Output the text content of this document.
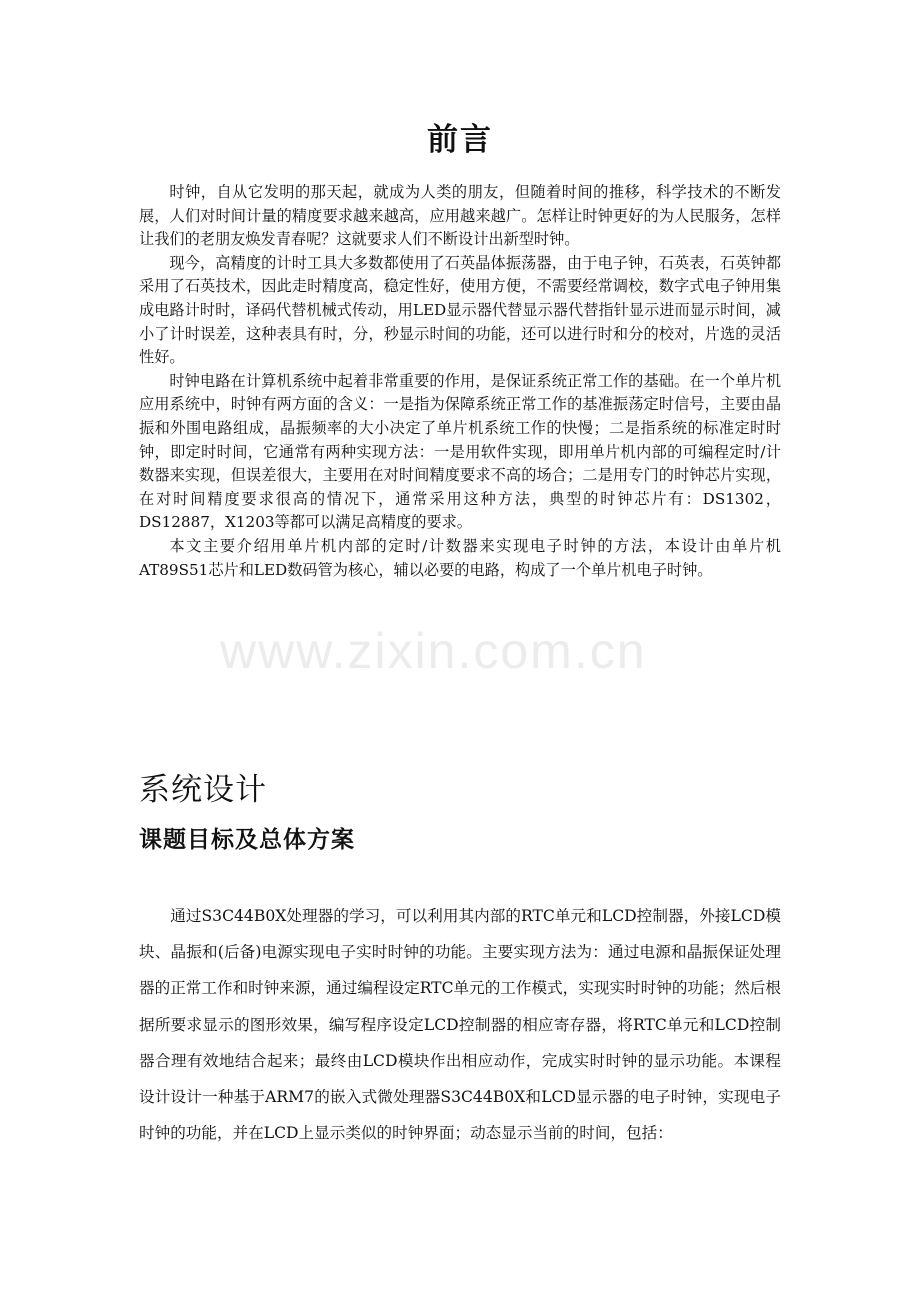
www.zixin.com.cn
前言

时钟，自从它发明的那天起，就成为人类的朋友，但随着时间的推移，科学技术的不断发展，人们对时间计量的精度要求越来越高，应用越来越广。怎样让时钟更好的为人民服务，怎样让我们的老朋友焕发青春呢？这就要求人们不断设计出新型时钟。

现今，高精度的计时工具大多数都使用了石英晶体振荡器，由于电子钟，石英表，石英钟都采用了石英技术，因此走时精度高，稳定性好，使用方便，不需要经常调校，数字式电子钟用集成电路计时时，译码代替机械式传动，用LED显示器代替显示器代替指针显示进而显示时间，减小了计时误差，这种表具有时，分，秒显示时间的功能，还可以进行时和分的校对，片选的灵活性好。

时钟电路在计算机系统中起着非常重要的作用，是保证系统正常工作的基础。在一个单片机应用系统中，时钟有两方面的含义：一是指为保障系统正常工作的基准振荡定时信号，主要由晶振和外围电路组成，晶振频率的大小决定了单片机系统工作的快慢；二是指系统的标准定时时钟，即定时时间，它通常有两种实现方法：一是用软件实现，即用单片机内部的可编程定时/计数器来实现，但误差很大，主要用在对时间精度要求不高的场合；二是用专门的时钟芯片实现，在对时间精度要求很高的情况下，通常采用这种方法，典型的时钟芯片有：DS1302，DS12887，X1203等都可以满足高精度的要求。

本文主要介绍用单片机内部的定时/计数器来实现电子时钟的方法，本设计由单片机AT89S51芯片和LED数码管为核心，辅以必要的电路，构成了一个单片机电子时钟。

系统设计
课题目标及总体方案

通过S3C44B0X处理器的学习，可以利用其内部的RTC单元和LCD控制器，外接LCD模块、晶振和(后备)电源实现电子实时时钟的功能。主要实现方法为：通过电源和晶振保证处理器的正常工作和时钟来源，通过编程设定RTC单元的工作模式，实现实时时钟的功能；然后根据所要求显示的图形效果，编写程序设定LCD控制器的相应寄存器，将RTC单元和LCD控制器合理有效地结合起来；最终由LCD模块作出相应动作，完成实时时钟的显示功能。本课程设计设计一种基于ARM7的嵌入式微处理器S3C44B0X和LCD显示器的电子时钟，实现电子时钟的功能，并在LCD上显示类似的时钟界面；动态显示当前的时间，包括：
